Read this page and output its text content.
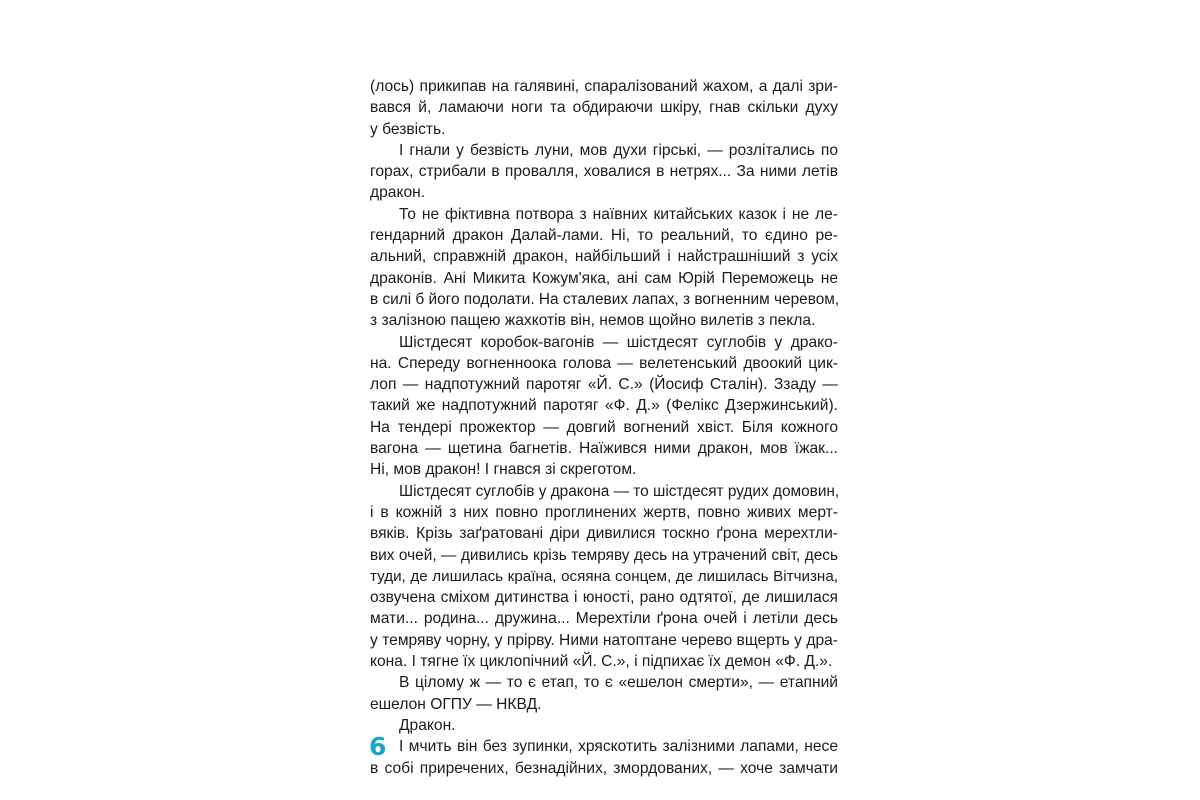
(лось) прикипав на галявині, спаралізований жахом, а далі зри-
вався й, ламаючи ноги та обдираючи шкіру, гнав скільки духу
у безвість.
І гнали у безвість луни, мов духи гірські, — розлітались по
горах, стрибали в провалля, ховалися в нетрях... За ними летів
дракон.
То не фіктивна потвора з наївних китайських казок і не ле-
гендарний дракон Далай-лами. Ні, то реальний, то єдино ре-
альний, справжній дракон, найбільший і найстрашніший з усіх
драконів. Ані Микита Кожум'яка, ані сам Юрій Переможець не
в силі б його подолати. На сталевих лапах, з вогненним черевом,
з залізною пащею жахкотів він, немов щойно вилетів з пекла.
Шістдесят коробок-вагонів — шістдесят суглобів у драко-
на. Спереду вогненноока голова — велетенський двоокий цик-
лоп — надпотужний паротяг «Й. С.» (Йосиф Сталін). Ззаду —
такий же надпотужний паротяг «Ф. Д.» (Фелікс Дзержинський).
На тендері прожектор — довгий вогнений хвіст. Біля кожного
вагона — щетина багнетів. Наїжився ними дракон, мов їжак...
Ні, мов дракон! І гнався зі скреготом.
Шістдесят суглобів у дракона — то шістдесят рудих домовин,
і в кожній з них повно проглинених жертв, повно живих мерт-
вяків. Крізь заґратовані діри дивилися тоскно ґрона мерехтли-
вих очей, — дивились крізь темряву десь на утрачений світ, десь
туди, де лишилась країна, осяяна сонцем, де лишилась Вітчизна,
озвучена сміхом дитинства і юності, рано одтятої, де лишилася
мати... родина... дружина... Мерехтіли ґрона очей і летіли десь
у темряву чорну, у прірву. Ними натоптане черево вщерть у дра-
кона. І тягне їх циклопічний «Й. С.», і підпихає їх демон «Ф. Д.».
В цілому ж — то є етап, то є «ешелон смерти», — етапний
ешелон ОГПУ — НКВД.
Дракон.
І мчить він без зупинки, хряскотить залізними лапами, несе
в собі приречених, безнадійних, змордованих, — хоче замчати
6
